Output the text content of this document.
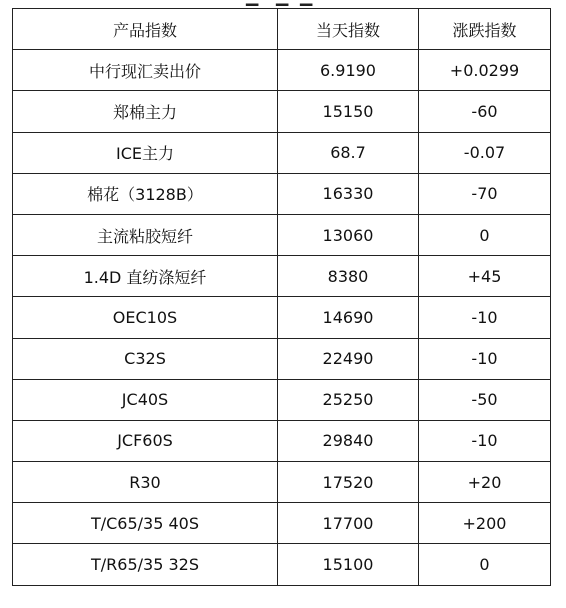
产品指数	当天指数	涨跌指数
中行现汇卖出价	6.9190	+0.0299
郑棉主力	15150	-60
ICE主力	68.7	-0.07
棉花（3128B）	16330	-70
主流粘胶短纤	13060	0
1.4D 直纺涤短纤	8380	+45
OEC10S	14690	-10
C32S	22490	-10
JC40S	25250	-50
JCF60S	29840	-10
R30	17520	+20
T/C65/35 40S	17700	+200
T/R65/35 32S	15100	0
